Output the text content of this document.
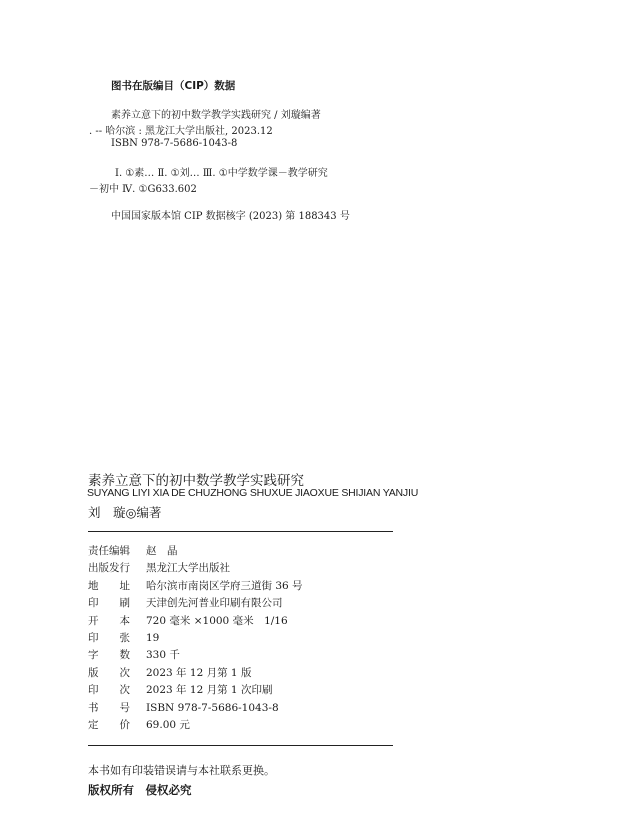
图书在版编目（CIP）数据
素养立意下的初中数学教学实践研究 / 刘璇编著
. -- 哈尔滨 : 黑龙江大学出版社, 2023.12
ISBN 978-7-5686-1043-8
Ⅰ. ①素… Ⅱ. ①刘… Ⅲ. ①中学数学课－教学研究
－初中 Ⅳ. ①G633.602
中国国家版本馆 CIP 数据核字 (2023) 第 188343 号
素养立意下的初中数学教学实践研究
SUYANG LIYI XIA DE CHUZHONG SHUXUE JIAOXUE SHIJIAN YANJIU
刘　璇◎编著
责任编辑	赵　晶
出版发行	黑龙江大学出版社
地　　址	哈尔滨市南岗区学府三道街 36 号
印　　刷	天津创先河普业印刷有限公司
开　　本	720 毫米 ×1000 毫米　1/16
印　　张	19
字　　数	330 千
版　　次	2023 年 12 月第 1 版
印　　次	2023 年 12 月第 1 次印刷
书　　号	ISBN 978-7-5686-1043-8
定　　价	69.00 元
本书如有印装错误请与本社联系更换。
版权所有　侵权必究
